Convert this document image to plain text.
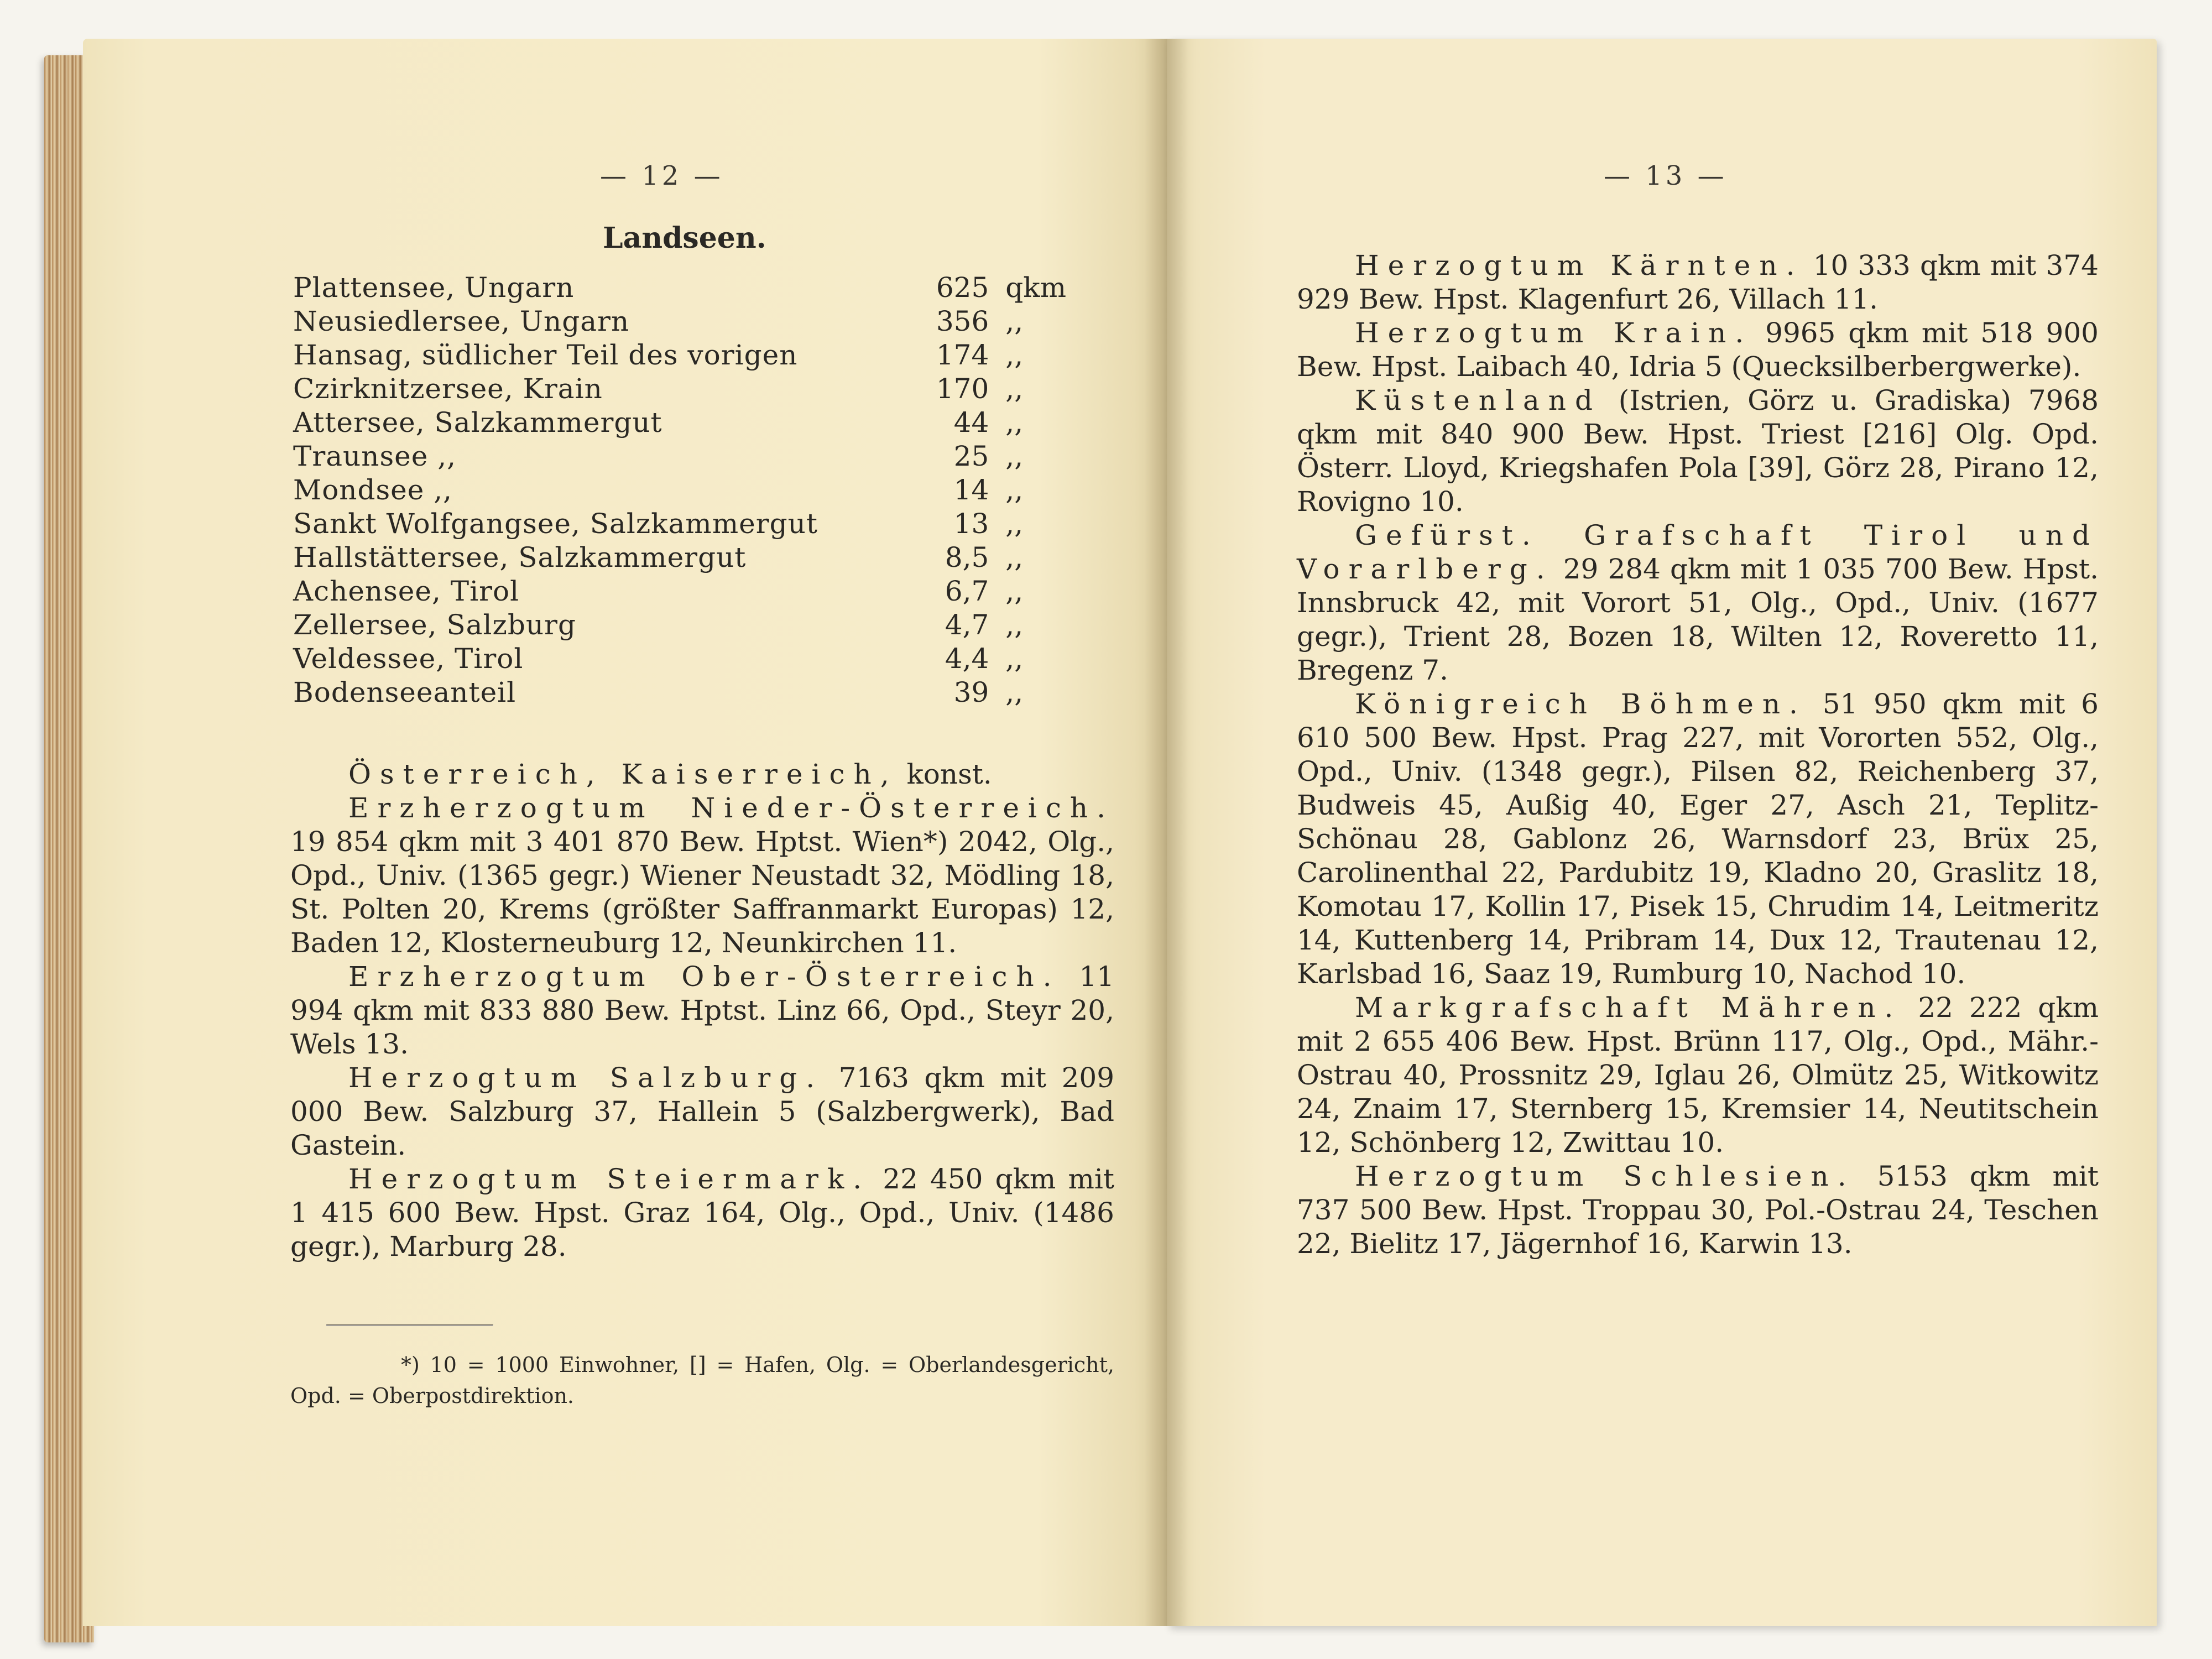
— 12 —

Landseen.
Plattensee, Ungarn	625	qkm
Neusiedlersee, Ungarn	356	,,
Hansag, südlicher Teil des vorigen	174	,,
Czirknitzersee, Krain	170	,,
Attersee, Salzkammergut	44	,,
Traunsee ,,	25	,,
Mondsee ,,	14	,,
Sankt Wolfgangsee, Salzkammergut	13	,,
Hallstättersee, Salzkammergut	8,5	,,
Achensee, Tirol	6,7	,,
Zellersee, Salzburg	4,7	,,
Veldessee, Tirol	4,4	,,
Bodenseeanteil	39	,,

Österreich, Kaiserreich, konst.

Erzherzogtum Nieder-Österreich. 19 854 qkm mit 3 401 870 Bew. Hptst. Wien*) 2042, Olg., Opd., Univ. (1365 gegr.) Wiener Neustadt 32, Mödling 18, St. Polten 20, Krems (größter Saffranmarkt Europas) 12, Baden 12, Klosterneuburg 12, Neunkirchen 11.

Erzherzogtum Ober-Österreich. 11 994 qkm mit 833 880 Bew. Hptst. Linz 66, Opd., Steyr 20, Wels 13.

Herzogtum Salzburg. 7163 qkm mit 209 000 Bew. Salzburg 37, Hallein 5 (Salzbergwerk), Bad Gastein.

Herzogtum Steiermark. 22 450 qkm mit 1 415 600 Bew. Hpst. Graz 164, Olg., Opd., Univ. (1486 gegr.), Marburg 28.

*) 10 = 1000 Einwohner, [] = Hafen, Olg. = Oberlandesgericht, Opd. = Oberpostdirektion.

— 13 —

Herzogtum Kärnten. 10 333 qkm mit 374 929 Bew. Hpst. Klagenfurt 26, Villach 11.

Herzogtum Krain. 9965 qkm mit 518 900 Bew. Hpst. Laibach 40, Idria 5 (Quecksilberbergwerke).

Küstenland (Istrien, Görz u. Gradiska) 7968 qkm mit 840 900 Bew. Hpst. Triest [216] Olg. Opd. Österr. Lloyd, Kriegshafen Pola [39], Görz 28, Pirano 12, Rovigno 10.

Gefürst. Grafschaft Tirol und Vorarlberg. 29 284 qkm mit 1 035 700 Bew. Hpst. Innsbruck 42, mit Vorort 51, Olg., Opd., Univ. (1677 gegr.), Trient 28, Bozen 18, Wilten 12, Roveretto 11, Bregenz 7.

Königreich Böhmen. 51 950 qkm mit 6 610 500 Bew. Hpst. Prag 227, mit Vororten 552, Olg., Opd., Univ. (1348 gegr.), Pilsen 82, Reichenberg 37, Budweis 45, Außig 40, Eger 27, Asch 21, Teplitz-Schönau 28, Gablonz 26, Warnsdorf 23, Brüx 25, Carolinenthal 22, Pardubitz 19, Kladno 20, Graslitz 18, Komotau 17, Kollin 17, Pisek 15, Chrudim 14, Leitmeritz 14, Kuttenberg 14, Pribram 14, Dux 12, Trautenau 12, Karlsbad 16, Saaz 19, Rumburg 10, Nachod 10.

Markgrafschaft Mähren. 22 222 qkm mit 2 655 406 Bew. Hpst. Brünn 117, Olg., Opd., Mähr.-Ostrau 40, Prossnitz 29, Iglau 26, Olmütz 25, Witkowitz 24, Znaim 17, Sternberg 15, Kremsier 14, Neutitschein 12, Schönberg 12, Zwittau 10.

Herzogtum Schlesien. 5153 qkm mit 737 500 Bew. Hpst. Troppau 30, Pol.-Ostrau 24, Teschen 22, Bielitz 17, Jägernhof 16, Karwin 13.
